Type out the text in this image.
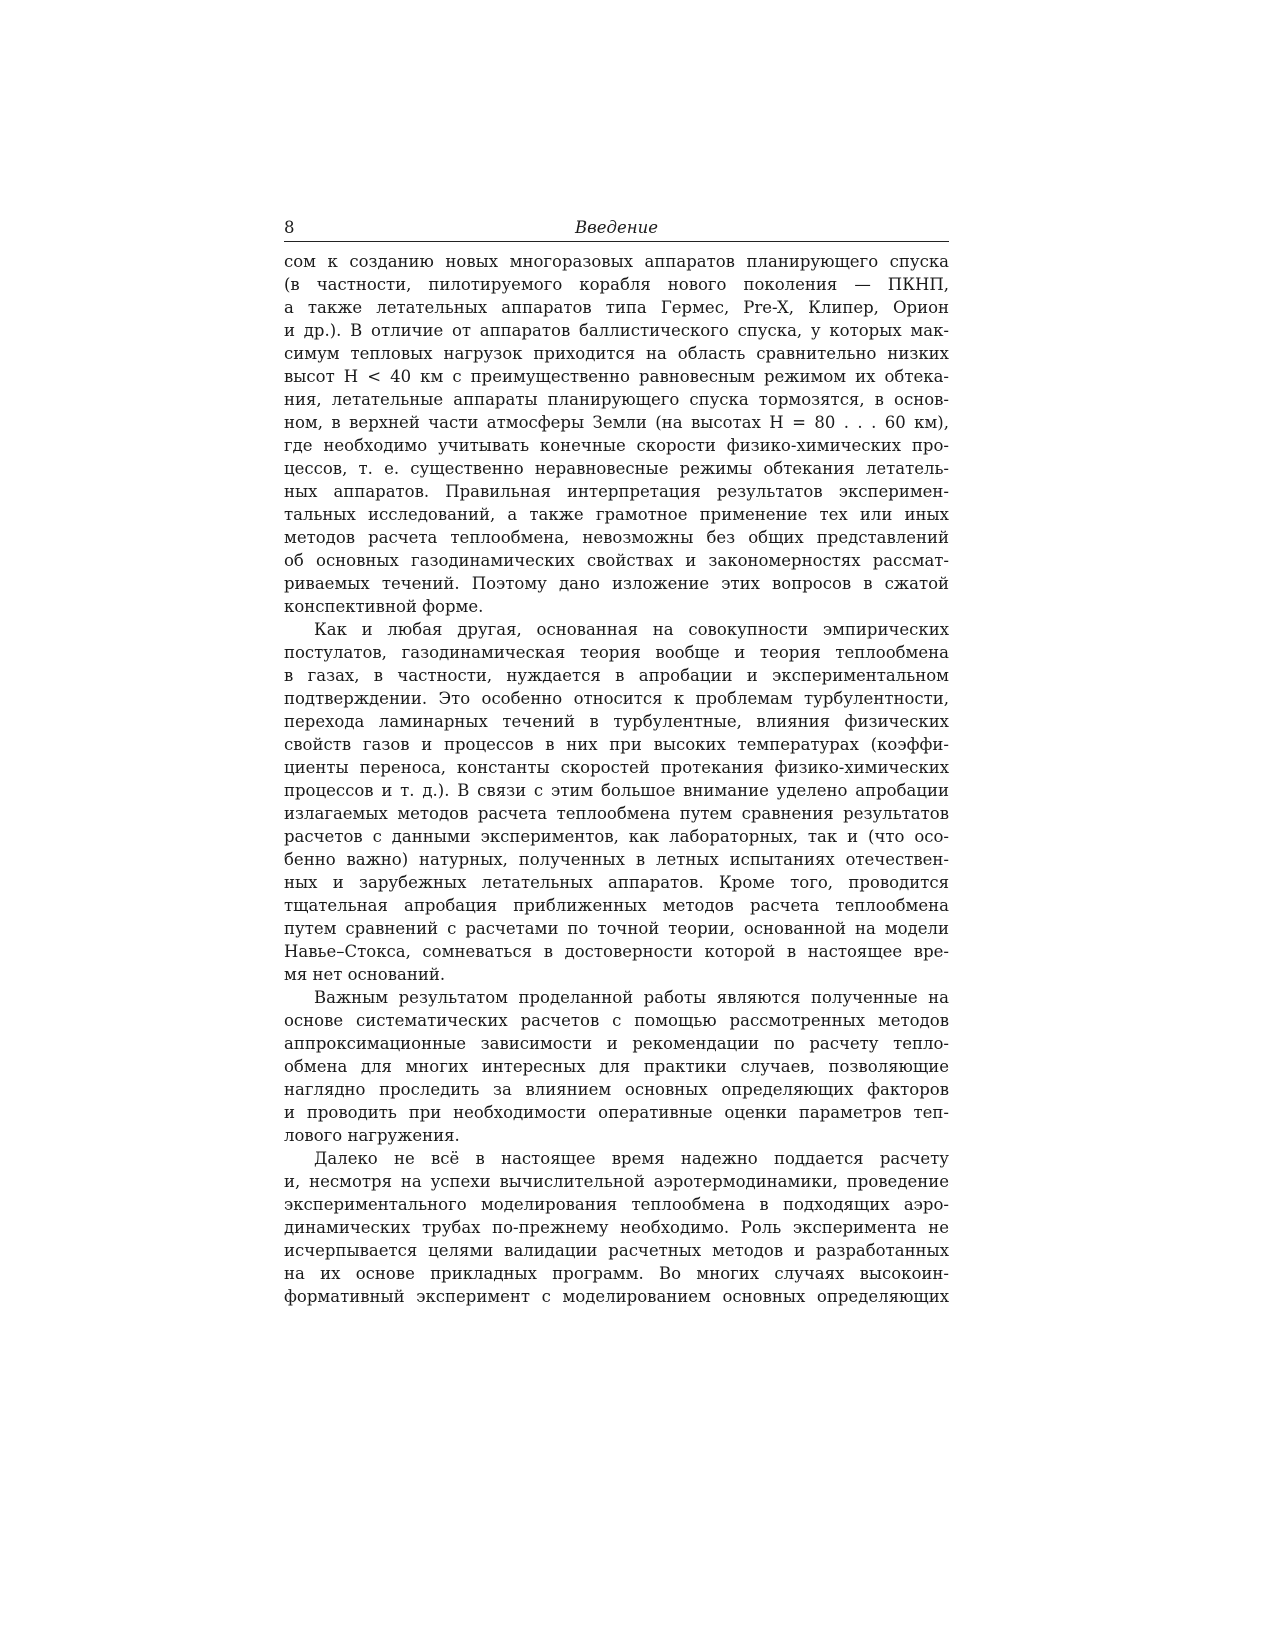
8	Введение
сом к созданию новых многоразовых аппаратов планирующего спуска
(в частности, пилотируемого корабля нового поколения — ПКНП,
а также летательных аппаратов типа Гермес, Pre-X, Клипер, Орион
и др.). В отличие от аппаратов баллистического спуска, у которых мак-
симум тепловых нагрузок приходится на область сравнительно низких
высот H < 40 км с преимущественно равновесным режимом их обтека-
ния, летательные аппараты планирующего спуска тормозятся, в основ-
ном, в верхней части атмосферы Земли (на высотах H = 80 . . . 60 км),
где необходимо учитывать конечные скорости физико-химических про-
цессов, т. е. существенно неравновесные режимы обтекания летатель-
ных аппаратов. Правильная интерпретация результатов эксперимен-
тальных исследований, а также грамотное применение тех или иных
методов расчета теплообмена, невозможны без общих представлений
об основных газодинамических свойствах и закономерностях рассмат-
риваемых течений. Поэтому дано изложение этих вопросов в сжатой
конспективной форме.
Как и любая другая, основанная на совокупности эмпирических
постулатов, газодинамическая теория вообще и теория теплообмена
в газах, в частности, нуждается в апробации и экспериментальном
подтверждении. Это особенно относится к проблемам турбулентности,
перехода ламинарных течений в турбулентные, влияния физических
свойств газов и процессов в них при высоких температурах (коэффи-
циенты переноса, константы скоростей протекания физико-химических
процессов и т. д.). В связи с этим большое внимание уделено апробации
излагаемых методов расчета теплообмена путем сравнения результатов
расчетов с данными экспериментов, как лабораторных, так и (что осо-
бенно важно) натурных, полученных в летных испытаниях отечествен-
ных и зарубежных летательных аппаратов. Кроме того, проводится
тщательная апробация приближенных методов расчета теплообмена
путем сравнений с расчетами по точной теории, основанной на модели
Навье–Стокса, сомневаться в достоверности которой в настоящее вре-
мя нет оснований.
Важным результатом проделанной работы являются полученные на
основе систематических расчетов с помощью рассмотренных методов
аппроксимационные зависимости и рекомендации по расчету тепло-
обмена для многих интересных для практики случаев, позволяющие
наглядно проследить за влиянием основных определяющих факторов
и проводить при необходимости оперативные оценки параметров теп-
лового нагружения.
Далеко не всё в настоящее время надежно поддается расчету
и, несмотря на успехи вычислительной аэротермодинамики, проведение
экспериментального моделирования теплообмена в подходящих аэро-
динамических трубах по-прежнему необходимо. Роль эксперимента не
исчерпывается целями валидации расчетных методов и разработанных
на их основе прикладных программ. Во многих случаях высокоин-
формативный эксперимент с моделированием основных определяющих
